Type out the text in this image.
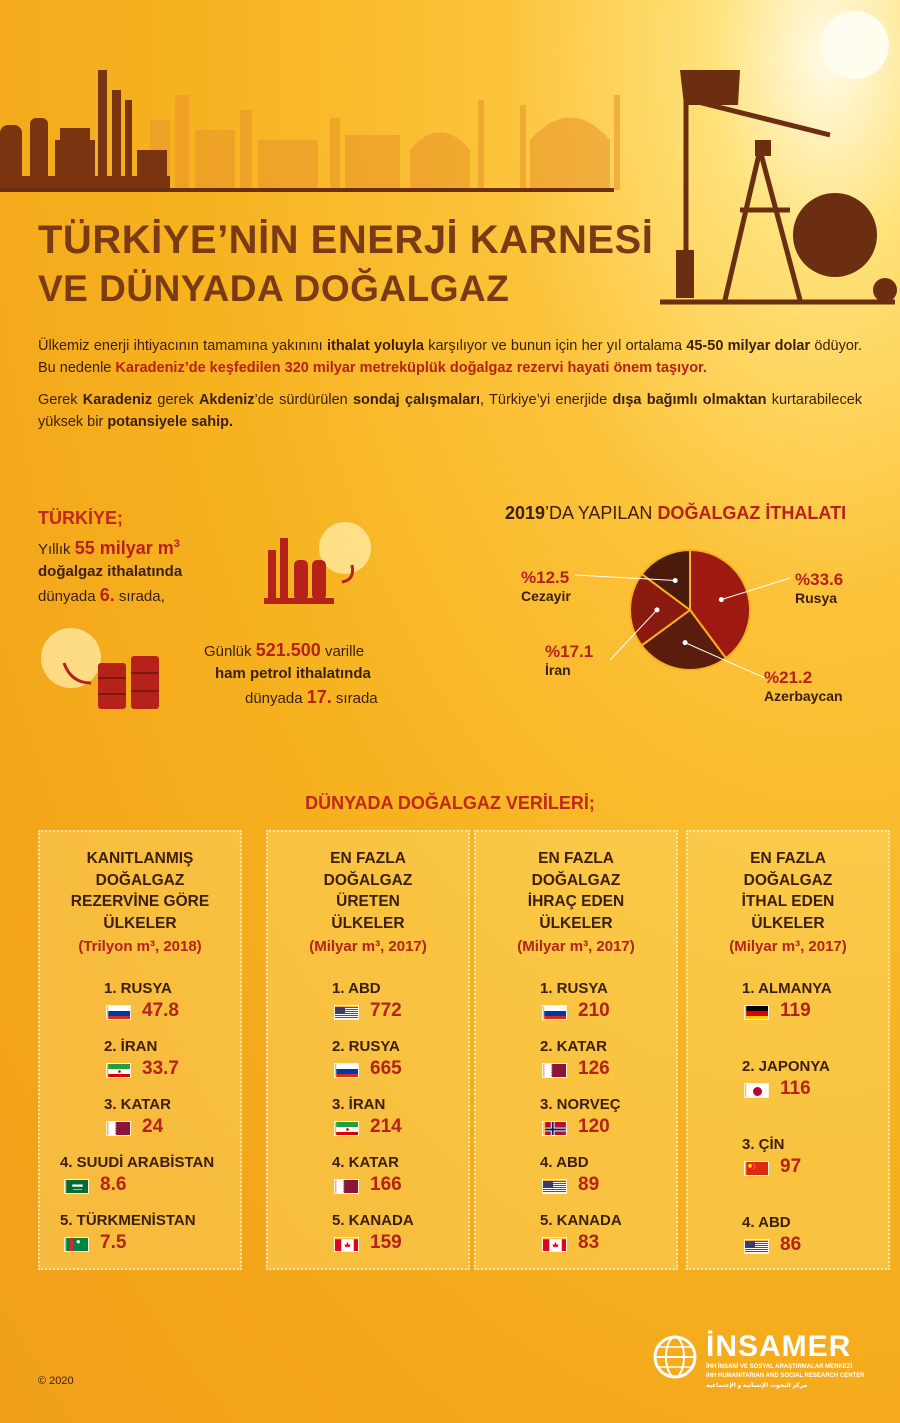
TÜRKİYE’NİN ENERJİ KARNESİ
VE DÜNYADA DOĞALGAZ
Ülkemiz enerji ihtiyacının tamamına yakınını ithalat yoluyla karşılıyor ve bunun için her yıl ortalama 45-50 milyar dolar ödüyor. Bu nedenle Karadeniz’de keşfedilen 320 milyar metreküplük doğalgaz rezervi hayati önem taşıyor.
Gerek Karadeniz gerek Akdeniz’de sürdürülen sondaj çalışmaları, Türkiye’yi enerjide dışa bağımlı olmaktan kurtarabilecek yüksek bir potansiyele sahip.
TÜRKİYE;
Yıllık 55 milyar $m^3$
doğalgaz ithalatında
dünyada 6. sırada,
Günlük 521.500 varille
ham petrol ithalatında
dünyada 17. sırada
2019’DA YAPILAN DOĞALGAZ İTHALATI
%33.6
Rusya
%21.2
Azerbaycan
%17.1
İran
%12.5
Cezayir
DÜNYADA DOĞALGAZ VERİLERİ;
KANITLANMIŞ
DOĞALGAZ
REZERVİNE GÖRE
ÜLKELER
(Trilyon m³, 2018)
1. RUSYA
47.8
2. İRAN
33.7
3. KATAR
24
4. SUUDİ ARABİSTAN
8.6
5. TÜRKMENİSTAN
7.5
EN FAZLA
DOĞALGAZ
ÜRETEN
ÜLKELER
(Milyar m³, 2017)
1. ABD
772
2. RUSYA
665
3. İRAN
214
4. KATAR
166
5. KANADA
159
EN FAZLA
DOĞALGAZ
İHRAÇ EDEN
ÜLKELER
(Milyar m³, 2017)
1. RUSYA
210
2. KATAR
126
3. NORVEÇ
120
4. ABD
89
5. KANADA
83
EN FAZLA
DOĞALGAZ
İTHAL EDEN
ÜLKELER
(Milyar m³, 2017)
1. ALMANYA
119
2. JAPONYA
116
3. ÇİN
97
4. ABD
86
© 2020
İNSAMER
İHH İNSANİ VE SOSYAL ARAŞTIRMALAR MERKEZİ
IHH HUMANITARIAN AND SOCIAL RESEARCH CENTER
مركز البحوث الإنسانية و الإجتماعية
